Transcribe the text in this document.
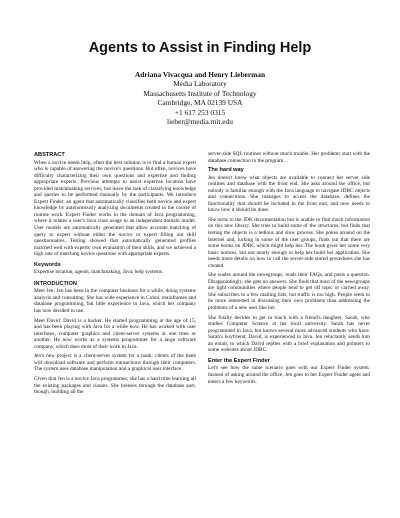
Agents to Assist in Finding Help
Adriana Vivacqua and Henry Lieberman
Media Laboratory
Massachusetts Institute of Technology
Cambridge, MA 02139 USA
+1 617 253 0315
lieber@media.mit.edu
ABSTRACT

When a novice needs help, often the best solution is to find a human expert who is capable of answering the novice's questions. But often, novices have difficulty characterizing their own questions and expertise and finding appropriate experts. Previous attempts to assist expertise location have provided matchmaking services, but leave the task of classifying knowledge and queries to be performed manually by the participants. We introduce Expert Finder, an agent that automatically classifies both novice and expert knowledge by autonomously analyzing documents created in the course of routine work. Expert Finder works in the domain of Java programming, where it relates a user's Java class usage to an independent domain model. User models are automatically generated that allow accurate matching of query to expert without either the novice or expert filling out skill questionnaires. Testing showed that automatically generated profiles matched well with experts' own evaluation of their skills, and we achieved a high rate of matching novice questions with appropriate experts.

Keywords

Expertise location, agents, matchmaking, Java, help systems.

INTRODUCTION

Meet Jen: Jen has been in the computer business for a while, doing systems analysis and consulting. She has wide experience in Cobol, mainframes and database programming, but little experience in Java, which her company has now decided to use.

Meet David: David is a hacker. He started programming at the age of 15, and has been playing with Java for a while now. He has worked with user interfaces, computer graphics and client-server systems at one time or another. He now works as a systems programmer for a large software company, which does most of their work in Java.

Jen's new project is a client-server system for a bank: clients of the bank will download software and perform transactions through their computers. The system uses database manipulation and a graphical user interface.

Given that Jen is a novice Java programmer, she has a hard time learning all the existing packages and classes. She breezes through the database part, though, building all the

server-side SQL routines without much trouble. Her problems start with the database connection to the program…

The hard way

Jen doesn't know what objects are available to connect her server side routines and database with the front end. She asks around the office, but nobody is familiar enough with the Java language to navigate JDBC objects and connections. She manages to access the database, defines the functionality that should be included in the front end, and now needs to know how it should be done.

She turns to the JDK documentation but is unable to find much information on this new library. She tries to build some of the structures, but finds that testing the objects is a tedious and slow process. She pokes around on the Internet and, lurking in some of the user groups, finds out that there are some books on JDBC which might help her. The book gives her some very basic notions, but not nearly enough to help her build her application. She needs more details on how to call the server-side stored procedures she has created.

She wades around the newsgroups, reads their FAQs, and posts a question. Disappointingly, she gets no answers. She finds that most of the newsgroups are tight communities where people tend to get off topic or carried away. She subscribes to a few mailing lists, but traffic is too high. People seem to be more interested in discussing their own problems than addressing the problems of a new user like her.

She finally decides to get in touch with a friend's daughter, Sarah, who studies Computer Science at the local university. Sarah has never programmed in Java, but knows several more advanced students who have. Sarah's boyfriend, David, is experienced in Java. Jen reluctantly sends him an email, to which David replies with a brief explanation and pointers to some websites about JDBC.

Enter the Expert Finder

Let's see how the same scenario goes with our Expert Finder system. Instead of asking around the office, Jen goes to her Expert Finder agent and enters a few keywords.
